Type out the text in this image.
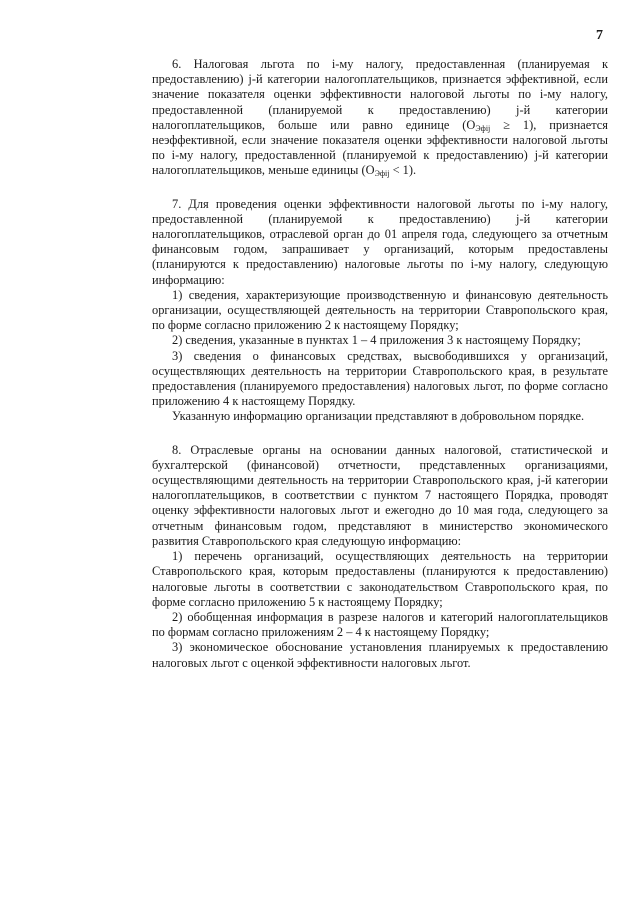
7

6. Налоговая льгота по i-му налогу, предоставленная (планируемая к предоставлению) j-й категории налогоплательщиков, признается эффективной, если значение показателя оценки эффективности налоговой льготы по i-му налогу, предоставленной (планируемой к предоставлению) j-й категории налогоплательщиков, больше или равно единице $(О_{Эфij} \ge 1)$, признается неэффективной, если значение показателя оценки эффективности налоговой льготы по i-му налогу, предоставленной (планируемой к предоставлению) j-й категории налогоплательщиков, меньше единицы $(О_{Эфij} < 1)$.

7. Для проведения оценки эффективности налоговой льготы по i-му налогу, предоставленной (планируемой к предоставлению) j-й категории налогоплательщиков, отраслевой орган до 01 апреля года, следующего за отчетным финансовым годом, запрашивает у организаций, которым предоставлены (планируются к предоставлению) налоговые льготы по i-му налогу, следующую информацию:

1) сведения, характеризующие производственную и финансовую деятельность организации, осуществляющей деятельность на территории Ставропольского края, по форме согласно приложению 2 к настоящему Порядку;

2) сведения, указанные в пунктах 1 – 4 приложения 3 к настоящему Порядку;

3) сведения о финансовых средствах, высвободившихся у организаций, осуществляющих деятельность на территории Ставропольского края, в результате предоставления (планируемого предоставления) налоговых льгот, по форме согласно приложению 4 к настоящему Порядку.

Указанную информацию организации представляют в добровольном порядке.

8. Отраслевые органы на основании данных налоговой, статистической и бухгалтерской (финансовой) отчетности, представленных организациями, осуществляющими деятельность на территории Ставропольского края, j-й категории налогоплательщиков, в соответствии с пунктом 7 настоящего Порядка, проводят оценку эффективности налоговых льгот и ежегодно до 10 мая года, следующего за отчетным финансовым годом, представляют в министерство экономического развития Ставропольского края следующую информацию:

1) перечень организаций, осуществляющих деятельность на территории Ставропольского края, которым предоставлены (планируются к предоставлению) налоговые льготы в соответствии с законодательством Ставропольского края, по форме согласно приложению 5 к настоящему Порядку;

2) обобщенная информация в разрезе налогов и категорий налогоплательщиков по формам согласно приложениям 2 – 4 к настоящему Порядку;

3) экономическое обоснование установления планируемых к предоставлению налоговых льгот с оценкой эффективности налоговых льгот.
